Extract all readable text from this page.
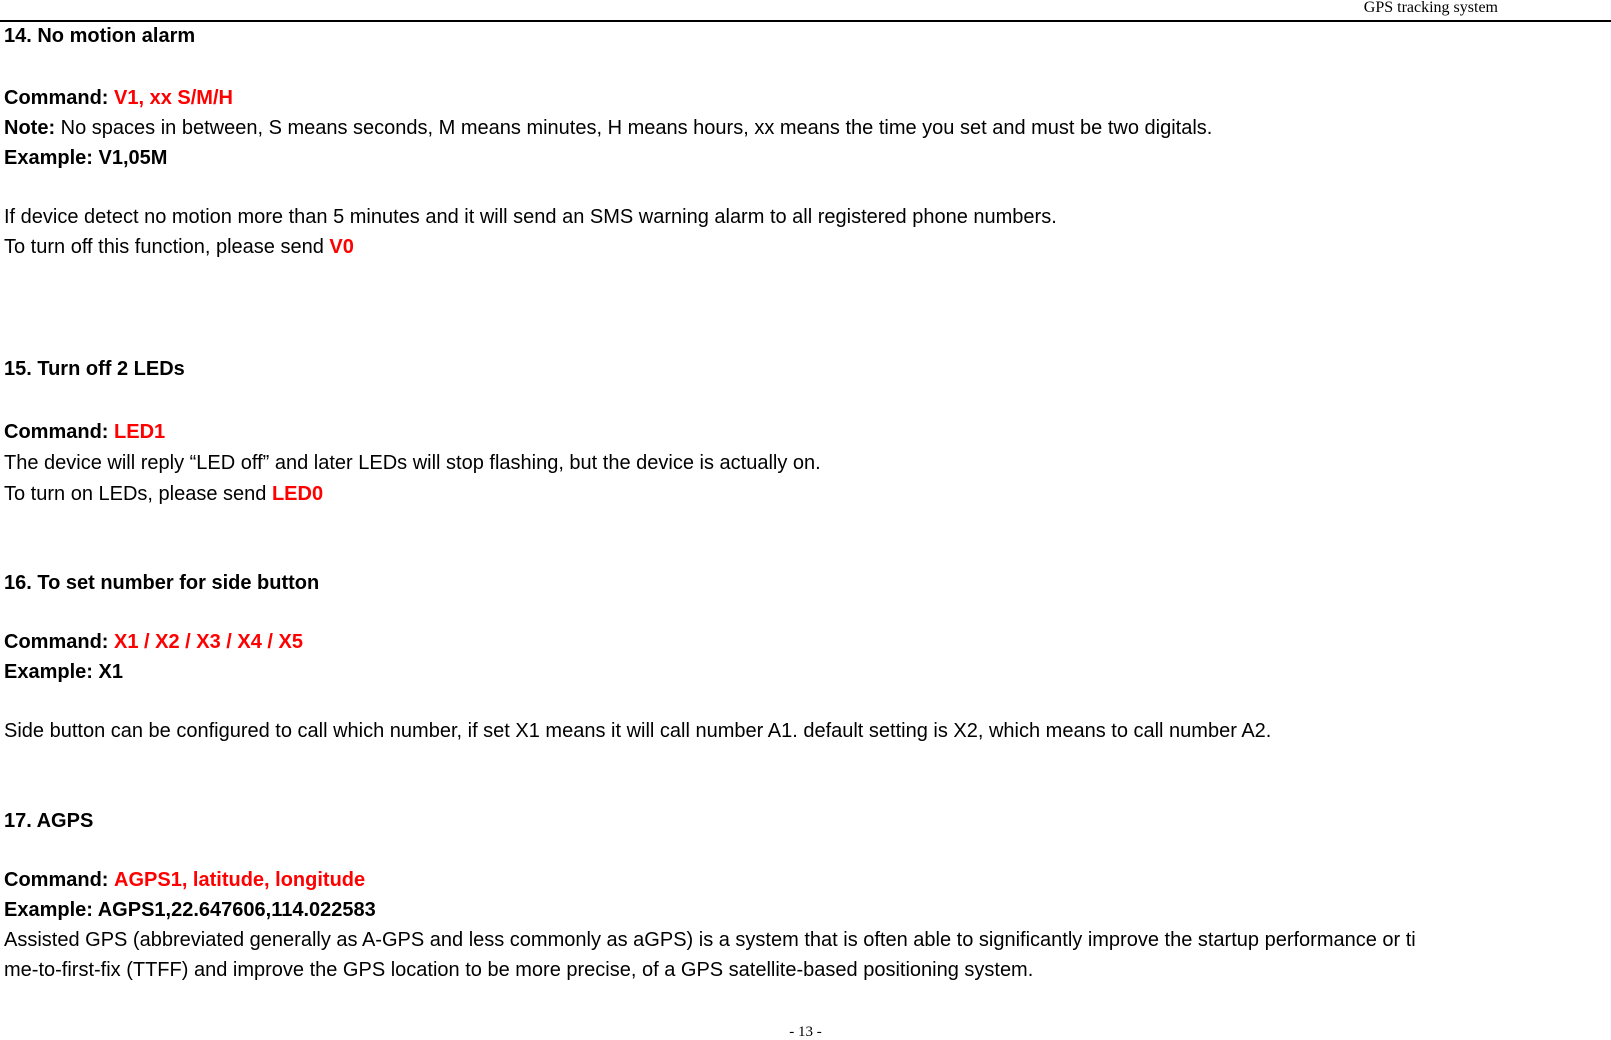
GPS tracking system
14. No motion alarm
Command: V1, xx S/M/H
Note: No spaces in between, S means seconds, M means minutes, H means hours, xx means the time you set and must be two digitals.
Example: V1,05M
If device detect no motion more than 5 minutes and it will send an SMS warning alarm to all registered phone numbers.
To turn off this function, please send V0
15. Turn off 2 LEDs
Command: LED1
The device will reply “LED off” and later LEDs will stop flashing, but the device is actually on.
To turn on LEDs, please send LED0
16. To set number for side button
Command: X1 / X2 / X3 / X4 / X5
Example: X1
Side button can be configured to call which number, if set X1 means it will call number A1. default setting is X2, which means to call number A2.
17. AGPS
Command: AGPS1, latitude, longitude
Example: AGPS1,22.647606,114.022583
Assisted GPS (abbreviated generally as A-GPS and less commonly as aGPS) is a system that is often able to significantly improve the startup performance or ti
me-to-first-fix (TTFF) and improve the GPS location to be more precise, of a GPS satellite-based positioning system.
- 13 -
